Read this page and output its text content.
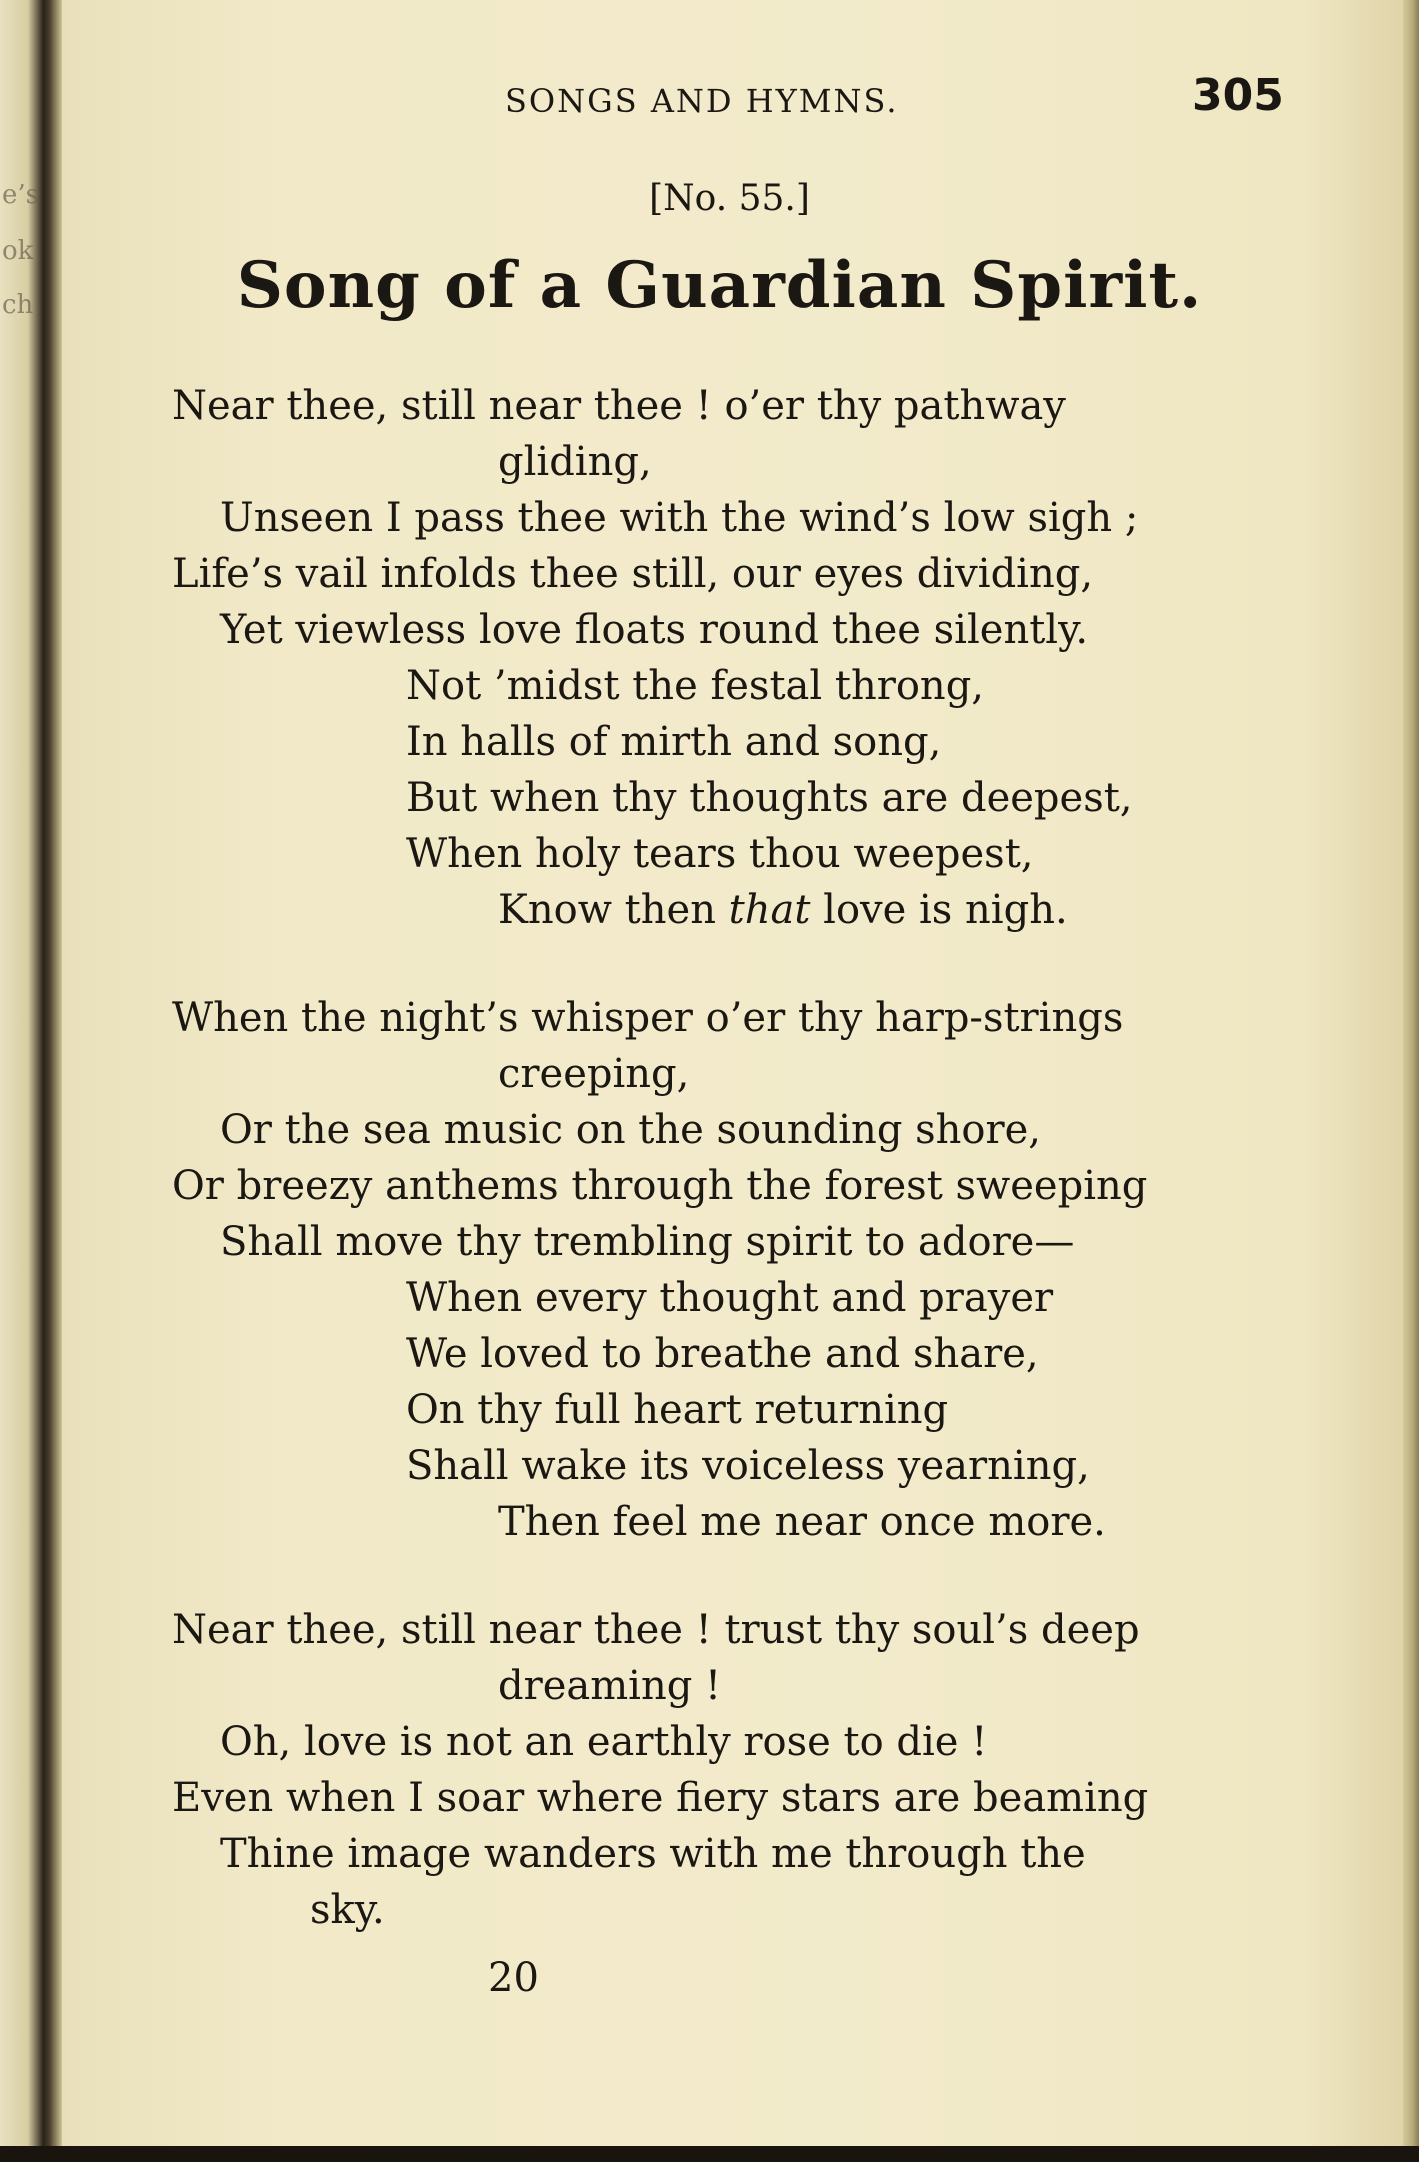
e’s
ok
ch
SONGS AND HYMNS.	305
[No. 55.]
Song of a Guardian Spirit.
Near thee, still near thee ! o’er thy pathway
gliding,
Unseen I pass thee with the wind’s low sigh ;
Life’s vail infolds thee still, our eyes dividing,
Yet viewless love floats round thee silently.
Not ’midst the festal throng,
In halls of mirth and song,
But when thy thoughts are deepest,
When holy tears thou weepest,
Know then that love is nigh.
When the night’s whisper o’er thy harp-strings
creeping,
Or the sea music on the sounding shore,
Or breezy anthems through the forest sweeping
Shall move thy trembling spirit to adore—
When every thought and prayer
We loved to breathe and share,
On thy full heart returning
Shall wake its voiceless yearning,
Then feel me near once more.
Near thee, still near thee ! trust thy soul’s deep
dreaming !
Oh, love is not an earthly rose to die !
Even when I soar where fiery stars are beaming
Thine image wanders with me through the
sky.
20
